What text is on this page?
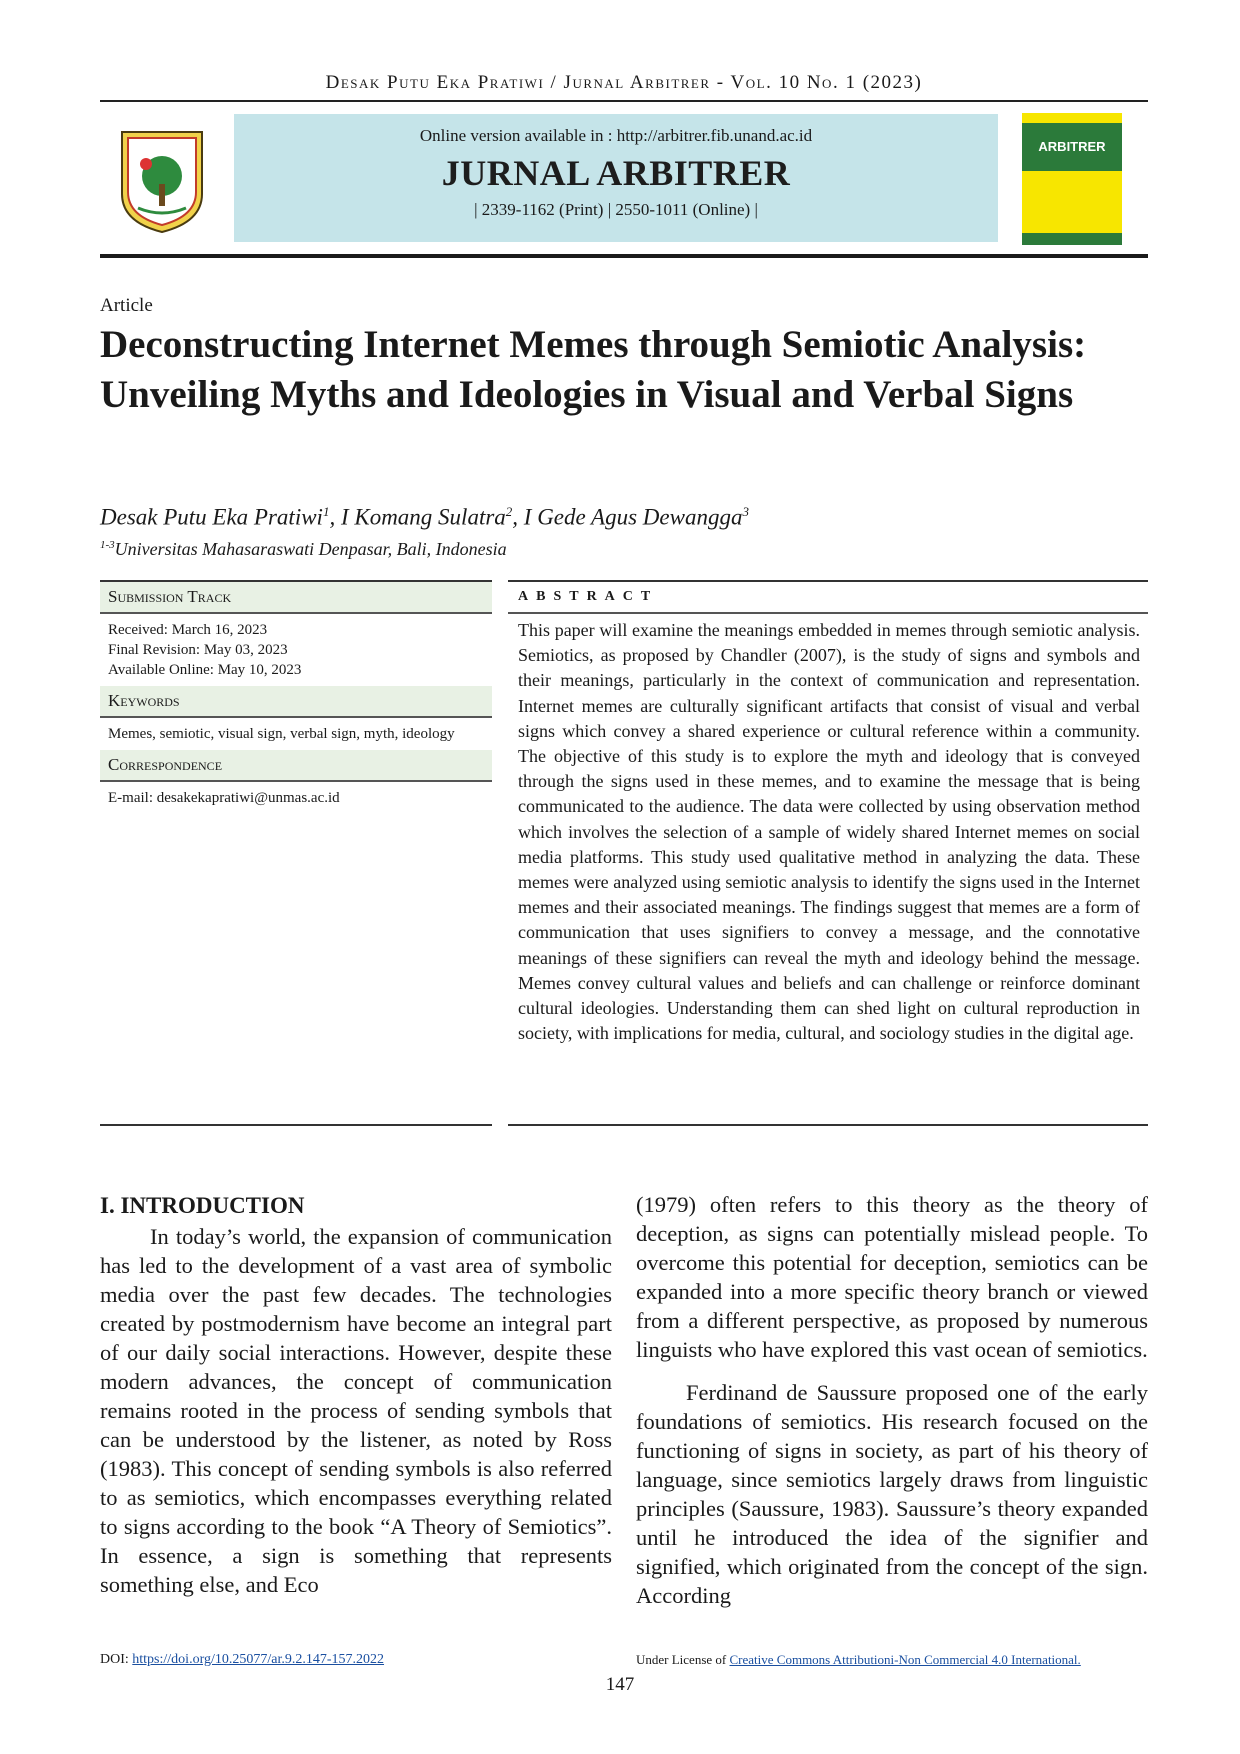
Desak Putu Eka Pratiwi / Jurnal Arbitrer - Vol. 10 No. 1 (2023)
Online version available in : http://arbitrer.fib.unand.ac.id
JURNAL ARBITRER
| 2339-1162 (Print) | 2550-1011 (Online) |
ARBITRER
Article
Deconstructing Internet Memes through Semiotic Analysis: Unveiling Myths and Ideologies in Visual and Verbal Signs
Desak Putu Eka Pratiwi$^1$, I Komang Sulatra$^2$, I Gede Agus Dewangga$^3$
$^{1-3}$Universitas Mahasaraswati Denpasar, Bali, Indonesia
Submission Track
Received: March 16, 2023
Final Revision: May 03, 2023
Available Online: May 10, 2023
Keywords
Memes, semiotic, visual sign, verbal sign, myth, ideology
Correspondence
E-mail: desakekapratiwi@unmas.ac.id
ABSTRACT
This paper will examine the meanings embedded in memes through semiotic analysis. Semiotics, as proposed by Chandler (2007), is the study of signs and symbols and their meanings, particularly in the context of communication and representation. Internet memes are culturally significant artifacts that consist of visual and verbal signs which convey a shared experience or cultural reference within a community. The objective of this study is to explore the myth and ideology that is conveyed through the signs used in these memes, and to examine the message that is being communicated to the audience. The data were collected by using observation method which involves the selection of a sample of widely shared Internet memes on social media platforms. This study used qualitative method in analyzing the data. These memes were analyzed using semiotic analysis to identify the signs used in the Internet memes and their associated meanings. The findings suggest that memes are a form of communication that uses signifiers to convey a message, and the connotative meanings of these signifiers can reveal the myth and ideology behind the message. Memes convey cultural values and beliefs and can challenge or reinforce dominant cultural ideologies. Understanding them can shed light on cultural reproduction in society, with implications for media, cultural, and sociology studies in the digital age.
I. INTRODUCTION

In today’s world, the expansion of communication has led to the development of a vast area of symbolic media over the past few decades. The technologies created by postmodernism have become an integral part of our daily social interactions. However, despite these modern advances, the concept of communication remains rooted in the process of sending symbols that can be understood by the listener, as noted by Ross (1983). This concept of sending symbols is also referred to as semiotics, which encompasses everything related to signs according to the book “A Theory of Semiotics”. In essence, a sign is something that represents something else, and Eco

(1979) often refers to this theory as the theory of deception, as signs can potentially mislead people. To overcome this potential for deception, semiotics can be expanded into a more specific theory branch or viewed from a different perspective, as proposed by numerous linguists who have explored this vast ocean of semiotics.

Ferdinand de Saussure proposed one of the early foundations of semiotics. His research focused on the functioning of signs in society, as part of his theory of language, since semiotics largely draws from linguistic principles (Saussure, 1983). Saussure’s theory expanded until he introduced the idea of the signifier and signified, which originated from the concept of the sign. According

DOI: https://doi.org/10.25077/ar.9.2.147-157.2022	Under License of Creative Commons Attributioni-Non Commercial 4.0 International.
147
